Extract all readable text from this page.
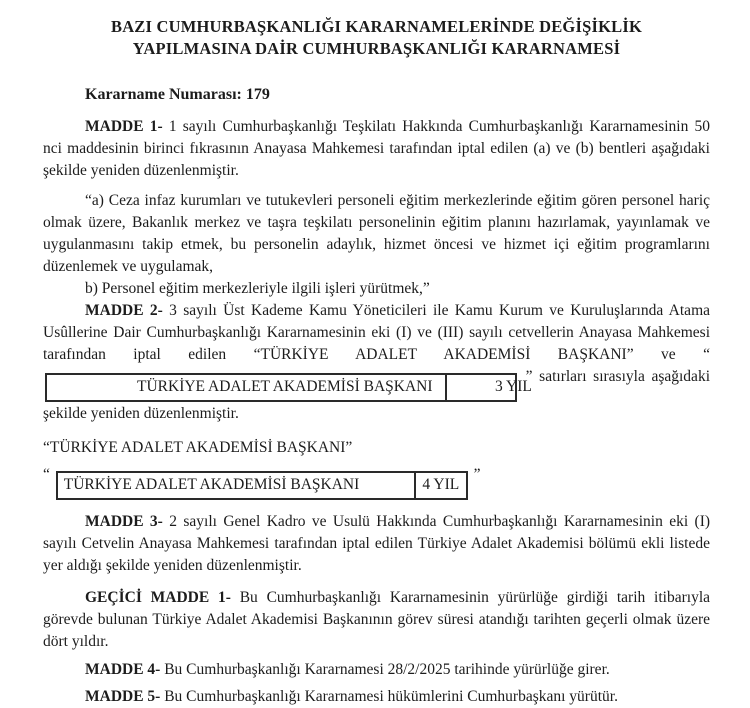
BAZI CUMHURBAŞKANLIĞI KARARNAMELERİNDE DEĞİŞİKLİK
YAPILMASINA DAİR CUMHURBAŞKANLIĞI KARARNAMESİ
Kararname Numarası: 179

MADDE 1- 1 sayılı Cumhurbaşkanlığı Teşkilatı Hakkında Cumhurbaşkanlığı Kararnamesinin 50 nci maddesinin birinci fıkrasının Anayasa Mahkemesi tarafından iptal edilen (a) ve (b) bentleri aşağıdaki şekilde yeniden düzenlenmiştir.

“a) Ceza infaz kurumları ve tutukevleri personeli eğitim merkezlerinde eğitim gören personel hariç olmak üzere, Bakanlık merkez ve taşra teşkilatı personelinin eğitim planını hazırlamak, yayınlamak ve uygulanmasını takip etmek, bu personelin adaylık, hizmet öncesi ve hizmet içi eğitim programlarını düzenlemek ve uygulamak,

b) Personel eğitim merkezleriyle ilgili işleri yürütmek,”

MADDE 2- 3 sayılı Üst Kademe Kamu Yöneticileri ile Kamu Kurum ve Kuruluşlarında Atama Usûllerine Dair Cumhurbaşkanlığı Kararnamesinin eki (I) ve (III) sayılı cetvellerin Anayasa Mahkemesi tarafından iptal edilen “TÜRKİYE ADALET AKADEMİSİ BAŞKANI” ve “ TÜRKİYE ADALET AKADEMİSİ BAŞKANI	3 YIL ” satırları sırasıyla aşağıdaki şekilde yeniden düzenlenmiştir.

“TÜRKİYE ADALET AKADEMİSİ BAŞKANI”
“ TÜRKİYE ADALET AKADEMİSİ BAŞKANI	4 YIL ”

MADDE 3- 2 sayılı Genel Kadro ve Usulü Hakkında Cumhurbaşkanlığı Kararnamesinin eki (I) sayılı Cetvelin Anayasa Mahkemesi tarafından iptal edilen Türkiye Adalet Akademisi bölümü ekli listede yer aldığı şekilde yeniden düzenlenmiştir.

GEÇİCİ MADDE 1- Bu Cumhurbaşkanlığı Kararnamesinin yürürlüğe girdiği tarih itibarıyla görevde bulunan Türkiye Adalet Akademisi Başkanının görev süresi atandığı tarihten geçerli olmak üzere dört yıldır.

MADDE 4- Bu Cumhurbaşkanlığı Kararnamesi 28/2/2025 tarihinde yürürlüğe girer.

MADDE 5- Bu Cumhurbaşkanlığı Kararnamesi hükümlerini Cumhurbaşkanı yürütür.
